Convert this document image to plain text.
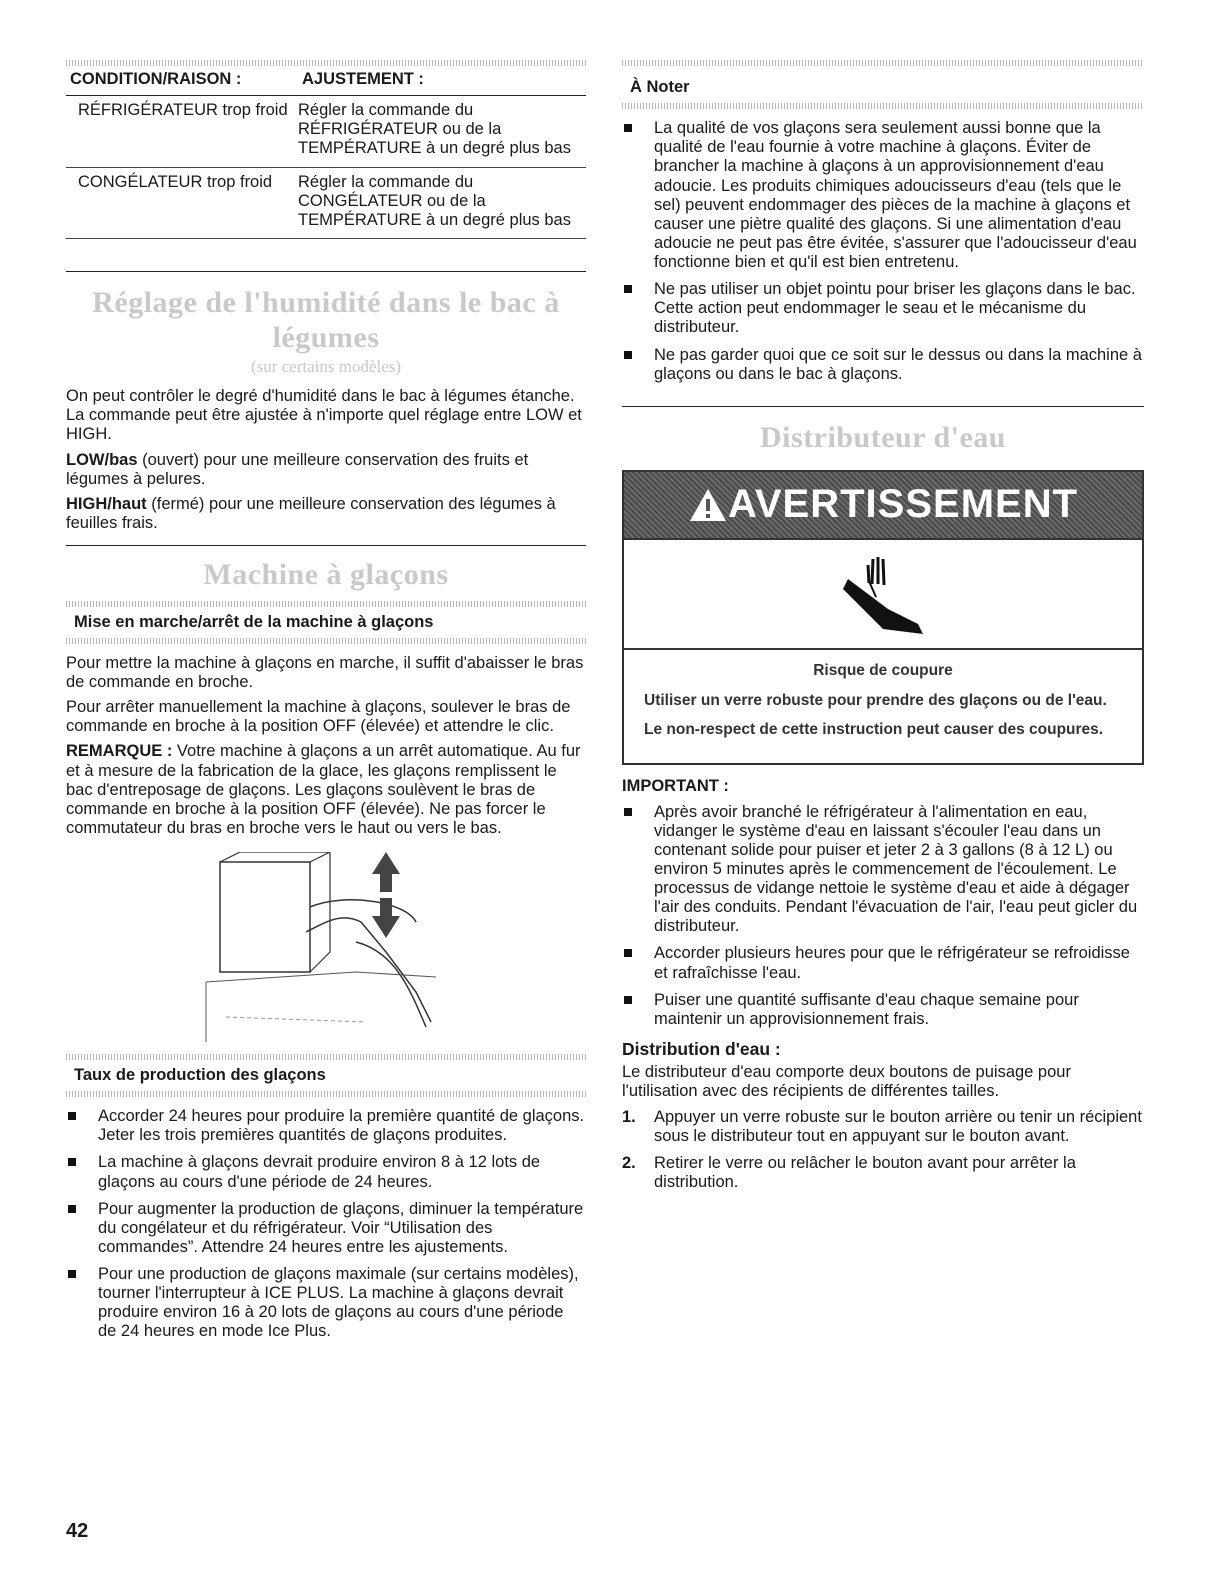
CONDITION/RAISON :	AJUSTEMENT :
RÉFRIGÉRATEUR trop froid	Régler la commande du RÉFRIGÉRATEUR ou de la TEMPÉRATURE à un degré plus bas
CONGÉLATEUR trop froid	Régler la commande du CONGÉLATEUR ou de la TEMPÉRATURE à un degré plus bas
Réglage de l'humidité dans le bac à légumes
(sur certains modèles)

On peut contrôler le degré d'humidité dans le bac à légumes étanche. La commande peut être ajustée à n'importe quel réglage entre LOW et HIGH.

LOW/bas (ouvert) pour une meilleure conservation des fruits et légumes à pelures.

HIGH/haut (fermé) pour une meilleure conservation des légumes à feuilles frais.

Machine à glaçons
Mise en marche/arrêt de la machine à glaçons

Pour mettre la machine à glaçons en marche, il suffit d'abaisser le bras de commande en broche.

Pour arrêter manuellement la machine à glaçons, soulever le bras de commande en broche à la position OFF (élevée) et attendre le clic.

REMARQUE : Votre machine à glaçons a un arrêt automatique. Au fur et à mesure de la fabrication de la glace, les glaçons remplissent le bac d'entreposage de glaçons. Les glaçons soulèvent le bras de commande en broche à la position OFF (élevée). Ne pas forcer le commutateur du bras en broche vers le haut ou vers le bas.

Taux de production des glaçons
Accorder 24 heures pour produire la première quantité de glaçons. Jeter les trois premières quantités de glaçons produites.
La machine à glaçons devrait produire environ 8 à 12 lots de glaçons au cours d'une période de 24 heures.
Pour augmenter la production de glaçons, diminuer la température du congélateur et du réfrigérateur. Voir “Utilisation des commandes”. Attendre 24 heures entre les ajustements.
Pour une production de glaçons maximale (sur certains modèles), tourner l'interrupteur à ICE PLUS. La machine à glaçons devrait produire environ 16 à 20 lots de glaçons au cours d'une période de 24 heures en mode Ice Plus.
À Noter
La qualité de vos glaçons sera seulement aussi bonne que la qualité de l'eau fournie à votre machine à glaçons. Éviter de brancher la machine à glaçons à un approvisionnement d'eau adoucie. Les produits chimiques adoucisseurs d'eau (tels que le sel) peuvent endommager des pièces de la machine à glaçons et causer une piètre qualité des glaçons. Si une alimentation d'eau adoucie ne peut pas être évitée, s'assurer que l'adoucisseur d'eau fonctionne bien et qu'il est bien entretenu.
Ne pas utiliser un objet pointu pour briser les glaçons dans le bac. Cette action peut endommager le seau et le mécanisme du distributeur.
Ne pas garder quoi que ce soit sur le dessus ou dans la machine à glaçons ou dans le bac à glaçons.
Distributeur d'eau
AVERTISSEMENT
Risque de coupure

Utiliser un verre robuste pour prendre des glaçons ou de l'eau.

Le non-respect de cette instruction peut causer des coupures.

IMPORTANT :
Après avoir branché le réfrigérateur à l'alimentation en eau, vidanger le système d'eau en laissant s'écouler l'eau dans un contenant solide pour puiser et jeter 2 à 3 gallons (8 à 12 L) ou environ 5 minutes après le commencement de l'écoulement. Le processus de vidange nettoie le système d'eau et aide à dégager l'air des conduits. Pendant l'évacuation de l'air, l'eau peut gicler du distributeur.
Accorder plusieurs heures pour que le réfrigérateur se refroidisse et rafraîchisse l'eau.
Puiser une quantité suffisante d'eau chaque semaine pour maintenir un approvisionnement frais.
Distribution d'eau :

Le distributeur d'eau comporte deux boutons de puisage pour l'utilisation avec des récipients de différentes tailles.

1. Appuyer un verre robuste sur le bouton arrière ou tenir un récipient sous le distributeur tout en appuyant sur le bouton avant.
2. Retirer le verre ou relâcher le bouton avant pour arrêter la distribution.
42
